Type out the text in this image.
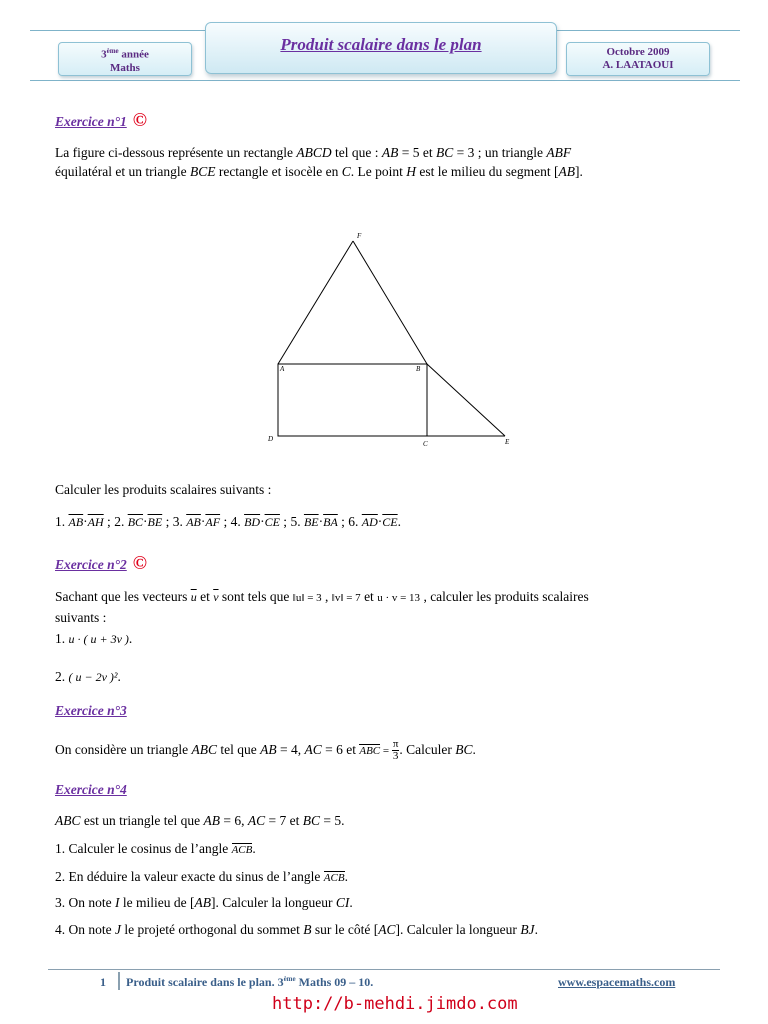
3ème année
Maths
Produit scalaire dans le plan	Octobre 2009
A. LAATAOUI
Exercice n°1 ©
La figure ci-dessous représente un rectangle ABCD tel que : AB = 5 et BC = 3 ; un triangle ABF
équilatéral et un triangle BCE rectangle et isocèle en C. Le point H est le milieu du segment [AB].
F
A	B
D
C	E
Calculer les produits scalaires suivants :
1. $\overline{AB}\cdot\overline{AH}$ ; 2. $\overline{BC}\cdot\overline{BE}$ ; 3. $\overline{AB}\cdot\overline{AF}$ ; 4. $\overline{BD}\cdot\overline{CE}$ ; 5. $\overline{BE}\cdot\overline{BA}$ ; 6. $\overline{AD}\cdot\overline{CE}$.
Exercice n°2 ©
Sachant que les vecteurs $\overline{u}$ et $\overline{v}$ sont tels que ‖u‖ = 3 , ‖v‖ = 7 et u · v = 13 , calculer les produits scalaires
suivants :
1. u · ( u + 3v ).
2. ( u − 2v )².
Exercice n°3
On considère un triangle ABC tel que AB = 4, AC = 6 et ABC = $\frac{\pi}{3}$ . Calculer BC.
Exercice n°4
ABC est un triangle tel que AB = 6, AC = 7 et BC = 5.
1. Calculer le cosinus de l’angle ACB.
2. En déduire la valeur exacte du sinus de l’angle ACB.
3. On note I le milieu de [AB]. Calculer la longueur CI.
4. On note J le projeté orthogonal du sommet B sur le côté [AC]. Calculer la longueur BJ.
1 Produit scalaire dans le plan. 3ème Maths 09 – 10.	www.espacemaths.com
http://b-mehdi.jimdo.com
